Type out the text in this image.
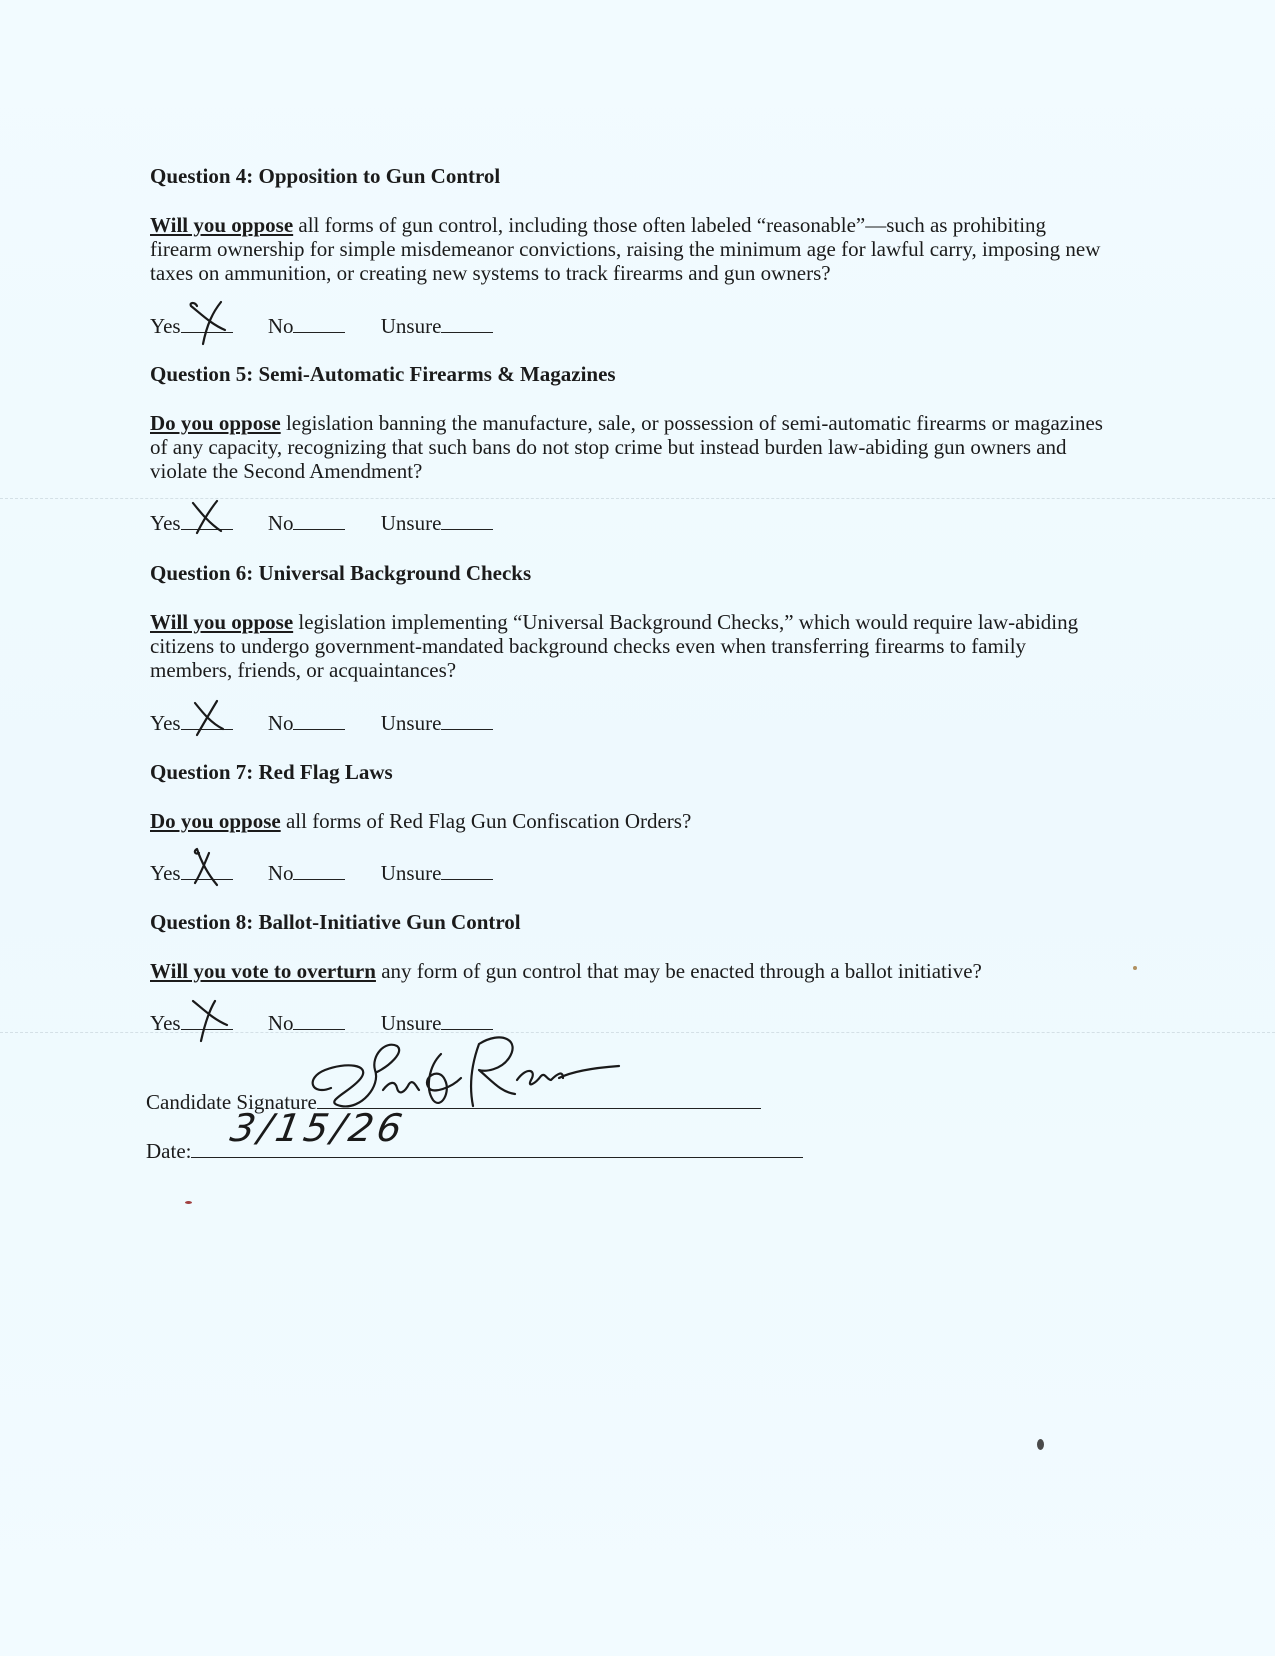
Question 4: Opposition to Gun Control

Will you oppose all forms of gun control, including those often labeled “reasonable”—such as prohibiting firearm ownership for simple misdemeanor convictions, raising the minimum age for lawful carry, imposing new taxes on ammunition, or creating new systems to track firearms and gun owners?

Yes	No	Unsure

Question 5: Semi-Automatic Firearms & Magazines

Do you oppose legislation banning the manufacture, sale, or possession of semi-automatic firearms or magazines of any capacity, recognizing that such bans do not stop crime but instead burden law-abiding gun owners and violate the Second Amendment?

Yes	No	Unsure

Question 6: Universal Background Checks

Will you oppose legislation implementing “Universal Background Checks,” which would require law-abiding citizens to undergo government-mandated background checks even when transferring firearms to family members, friends, or acquaintances?

Yes	No	Unsure

Question 7: Red Flag Laws

Do you oppose all forms of Red Flag Gun Confiscation Orders?

Yes	No	Unsure

Question 8: Ballot-Initiative Gun Control

Will you vote to overturn any form of gun control that may be enacted through a ballot initiative?

Yes	No	Unsure
Candidate Signature
Date:
3/15/26
